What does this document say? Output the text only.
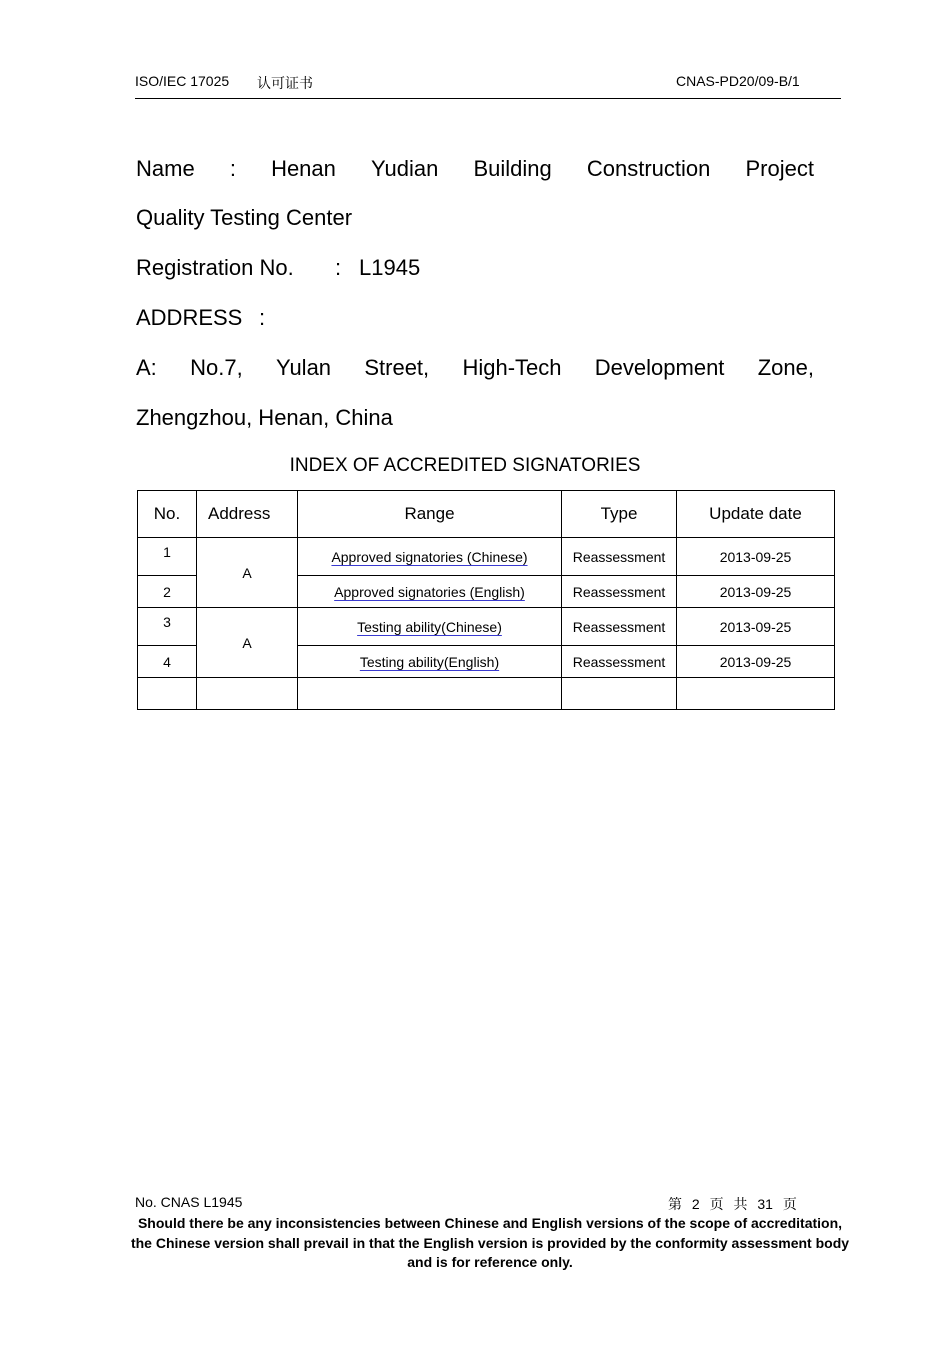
ISO/IEC 17025 认可证书	CNAS-PD20/09-B/1
Name : Henan Yudian Building Construction Project
Quality Testing Center
Registration No. : L1945
ADDRESS :
A: No.7, Yulan Street, High-Tech Development Zone,
Zhengzhou, Henan, China
INDEX OF ACCREDITED SIGNATORIES
No.	Address	Range	Type	Update date
1	A	Approved signatories (Chinese)	Reassessment	2013-09-25
2		Approved signatories (English)	Reassessment	2013-09-25
3	A	Testing ability(Chinese)	Reassessment	2013-09-25
4		Testing ability(English)	Reassessment	2013-09-25

No. CNAS L1945	第 2 页 共 31 页
Should there be any inconsistencies between Chinese and English versions of the scope of accreditation, the Chinese version shall prevail in that the English version is provided by the conformity assessment body and is for reference only.
